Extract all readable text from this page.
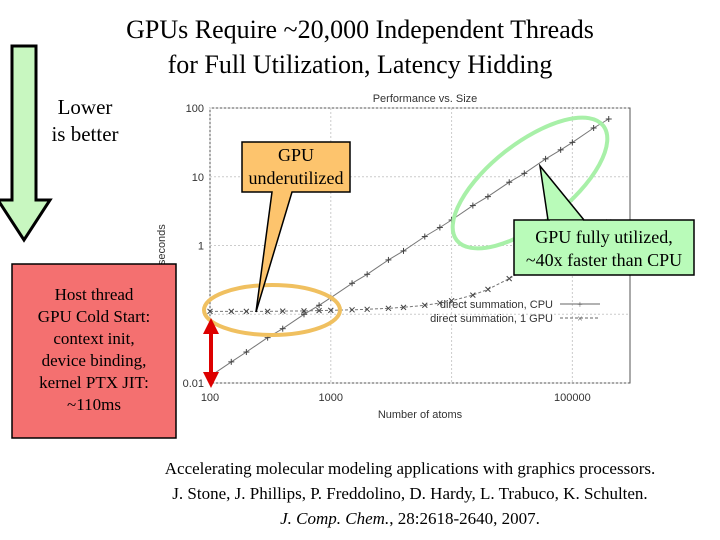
GPUs Require ~20,000 Independent Threads
for Full Utilization, Latency Hidding
Performance vs. Size
100	1000	100000
0.01
1
10
100
Number of atoms
direct summation, CPU +
direct summation, 1 GPU ×
Lower
is better
GPU
underutilized
GPU fully utilized,
~40x faster than CPU
Host thread
GPU Cold Start:
context init,
device binding,
kernel PTX JIT:
~110ms
Accelerating molecular modeling applications with graphics processors.
J. Stone, J. Phillips, P. Freddolino, D. Hardy, L. Trabuco, K. Schulten.
J. Comp. Chem., 28:2618-2640, 2007.
